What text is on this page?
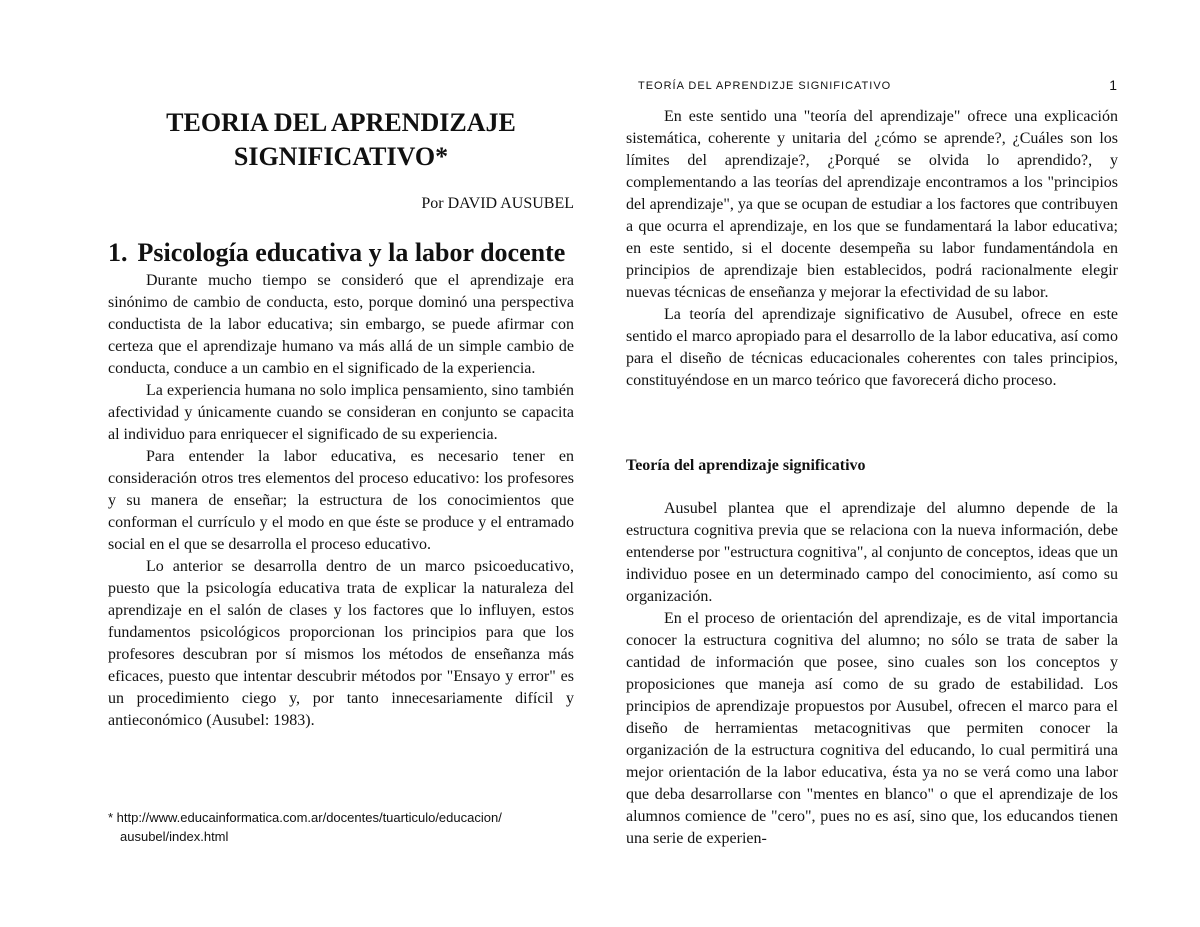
TEORIA DEL APRENDIZAJE
SIGNIFICATIVO*
Por DAVID AUSUBEL
1. Psicología educativa y la labor docente

Durante mucho tiempo se consideró que el aprendizaje era sinónimo de cambio de conducta, esto, porque dominó una perspectiva conductista de la labor educativa; sin embargo, se puede afirmar con certeza que el aprendizaje humano va más allá de un simple cambio de conducta, conduce a un cambio en el significado de la experiencia.

La experiencia humana no solo implica pensamiento, sino también afectividad y únicamente cuando se consideran en conjunto se capacita al individuo para enriquecer el significado de su experiencia.

Para entender la labor educativa, es necesario tener en consideración otros tres elementos del proceso educativo: los profesores y su manera de enseñar; la estructura de los conocimientos que conforman el currículo y el modo en que éste se produce y el entramado social en el que se desarrolla el proceso educativo.

Lo anterior se desarrolla dentro de un marco psicoeducativo, puesto que la psicología educativa trata de explicar la naturaleza del aprendizaje en el salón de clases y los factores que lo influyen, estos fundamentos psicológicos proporcionan los principios para que los profesores descubran por sí mismos los métodos de enseñanza más eficaces, puesto que intentar descubrir métodos por "Ensayo y error" es un procedimiento ciego y, por tanto innecesariamente difícil y antieconómico (Ausubel: 1983).

* http://www.educainformatica.com.ar/docentes/tuarticulo/educacion/
ausubel/index.html
TEORÍA DEL APRENDIZJE SIGNIFICATIVO	1

En este sentido una "teoría del aprendizaje" ofrece una explicación sistemática, coherente y unitaria del ¿cómo se aprende?, ¿Cuáles son los límites del aprendizaje?, ¿Porqué se olvida lo aprendido?, y complementando a las teorías del aprendizaje encontramos a los "principios del aprendizaje", ya que se ocupan de estudiar a los factores que contribuyen a que ocurra el aprendizaje, en los que se fundamentará la labor educativa; en este sentido, si el docente desempeña su labor fundamentándola en principios de aprendizaje bien establecidos, podrá racionalmente elegir nuevas técnicas de enseñanza y mejorar la efectividad de su labor.

La teoría del aprendizaje significativo de Ausubel, ofrece en este sentido el marco apropiado para el desarrollo de la labor educativa, así como para el diseño de técnicas educacionales coherentes con tales principios, constituyéndose en un marco teórico que favorecerá dicho proceso.

Teoría del aprendizaje significativo

Ausubel plantea que el aprendizaje del alumno depende de la estructura cognitiva previa que se relaciona con la nueva información, debe entenderse por "estructura cognitiva", al conjunto de conceptos, ideas que un individuo posee en un determinado campo del conocimiento, así como su organización.

En el proceso de orientación del aprendizaje, es de vital importancia conocer la estructura cognitiva del alumno; no sólo se trata de saber la cantidad de información que posee, sino cuales son los conceptos y proposiciones que maneja así como de su grado de estabilidad. Los principios de aprendizaje propuestos por Ausubel, ofrecen el marco para el diseño de herramientas metacognitivas que permiten conocer la organización de la estructura cognitiva del educando, lo cual permitirá una mejor orientación de la labor educativa, ésta ya no se verá como una labor que deba desarrollarse con "mentes en blanco" o que el aprendizaje de los alumnos comience de "cero", pues no es así, sino que, los educandos tienen una serie de experien-
